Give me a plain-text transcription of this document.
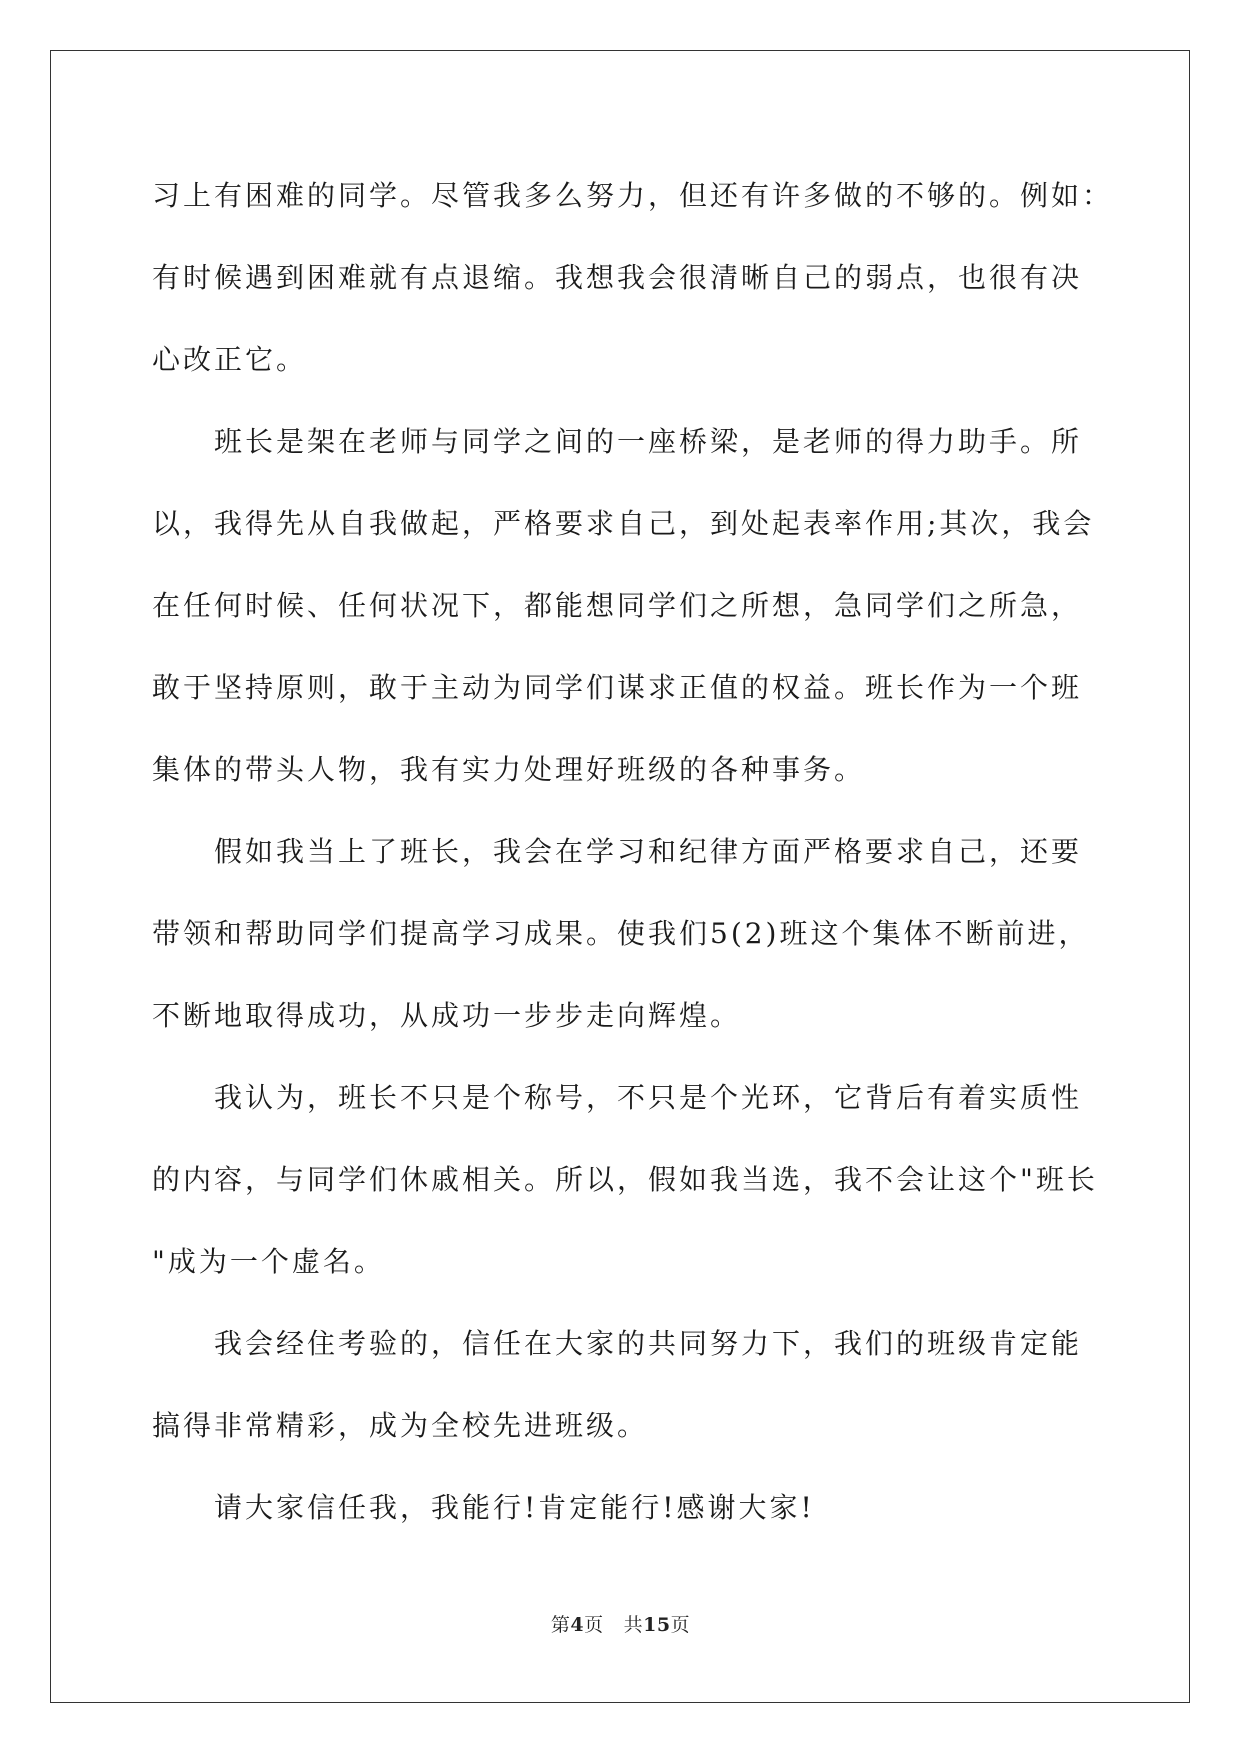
习上有困难的同学。尽管我多么努力，但还有许多做的不够的。例如：
有时候遇到困难就有点退缩。我想我会很清晰自己的弱点，也很有决
心改正它。
班长是架在老师与同学之间的一座桥梁，是老师的得力助手。所
以，我得先从自我做起，严格要求自己，到处起表率作用;其次，我会
在任何时候、任何状况下，都能想同学们之所想，急同学们之所急，
敢于坚持原则，敢于主动为同学们谋求正值的权益。班长作为一个班
集体的带头人物，我有实力处理好班级的各种事务。
假如我当上了班长，我会在学习和纪律方面严格要求自己，还要
带领和帮助同学们提高学习成果。使我们5(2)班这个集体不断前进，
不断地取得成功，从成功一步步走向辉煌。
我认为，班长不只是个称号，不只是个光环，它背后有着实质性
的内容，与同学们休戚相关。所以，假如我当选，我不会让这个"班长
"成为一个虚名。
我会经住考验的，信任在大家的共同努力下，我们的班级肯定能
搞得非常精彩，成为全校先进班级。
请大家信任我，我能行!肯定能行!感谢大家!
第4页 共15页
